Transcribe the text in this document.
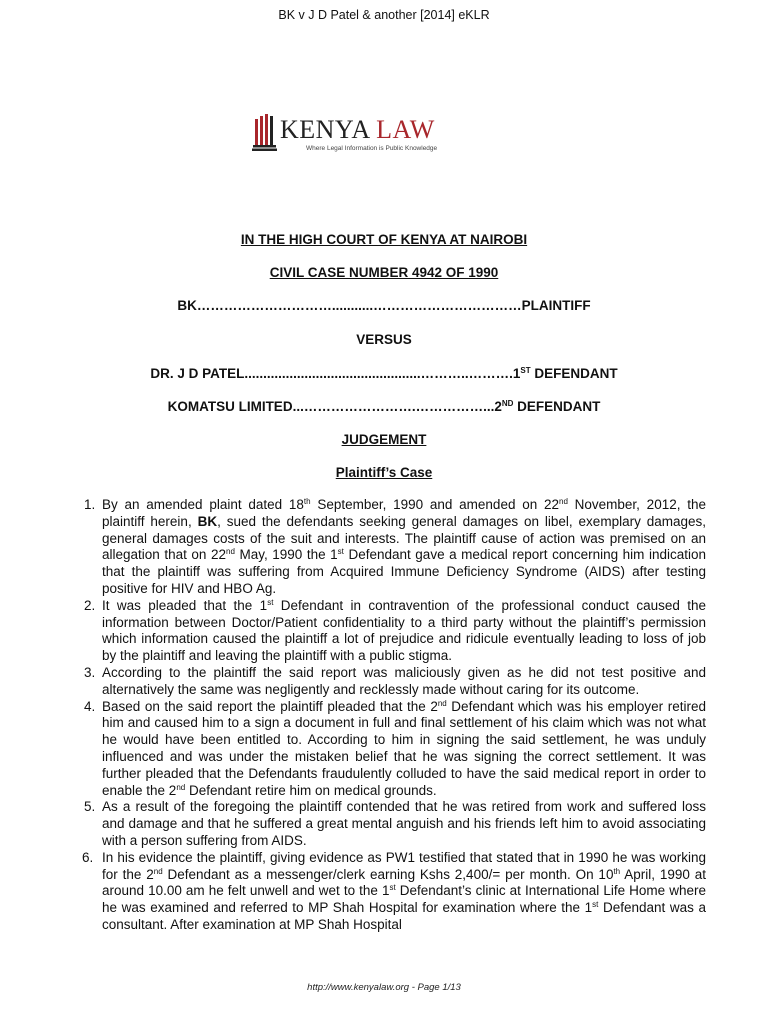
BK v J D Patel & another [2014] eKLR
KENYA LAW
Where Legal Information is Public Knowledge
IN THE HIGH COURT OF KENYA AT NAIROBI
CIVIL CASE NUMBER 4942 OF 1990
BK…………………………...........……………………………PLAINTIFF
VERSUS
DR. J D PATEL...............................................………..……….1ST DEFENDANT
KOMATSU LIMITED...…………………….……………...2ND DEFENDANT
JUDGEMENT
Plaintiff’s Case
1. By an amended plaint dated 18th September, 1990 and amended on 22nd November, 2012, the plaintiff herein, BK, sued the defendants seeking general damages on libel, exemplary damages, general damages costs of the suit and interests. The plaintiff cause of action was premised on an allegation that on 22nd May, 1990 the 1st Defendant gave a medical report concerning him indication that the plaintiff was suffering from Acquired Immune Deficiency Syndrome (AIDS) after testing positive for HIV and HBO Ag.
2. It was pleaded that the 1st Defendant in contravention of the professional conduct caused the information between Doctor/Patient confidentiality to a third party without the plaintiff’s permission which information caused the plaintiff a lot of prejudice and ridicule eventually leading to loss of job by the plaintiff and leaving the plaintiff with a public stigma.
3. According to the plaintiff the said report was maliciously given as he did not test positive and alternatively the same was negligently and recklessly made without caring for its outcome.
4. Based on the said report the plaintiff pleaded that the 2nd Defendant which was his employer retired him and caused him to a sign a document in full and final settlement of his claim which was not what he would have been entitled to. According to him in signing the said settlement, he was unduly influenced and was under the mistaken belief that he was signing the correct settlement. It was further pleaded that the Defendants fraudulently colluded to have the said medical report in order to enable the 2nd Defendant retire him on medical grounds.
5. As a result of the foregoing the plaintiff contended that he was retired from work and suffered loss and damage and that he suffered a great mental anguish and his friends left him to avoid associating with a person suffering from AIDS.
6. In his evidence the plaintiff, giving evidence as PW1 testified that stated that in 1990 he was working for the 2nd Defendant as a messenger/clerk earning Kshs 2,400/= per month. On 10th April, 1990 at around 10.00 am he felt unwell and wet to the 1st Defendant’s clinic at International Life Home where he was examined and referred to MP Shah Hospital for examination where the 1st Defendant was a consultant. After examination at MP Shah Hospital
http://www.kenyalaw.org - Page 1/13
